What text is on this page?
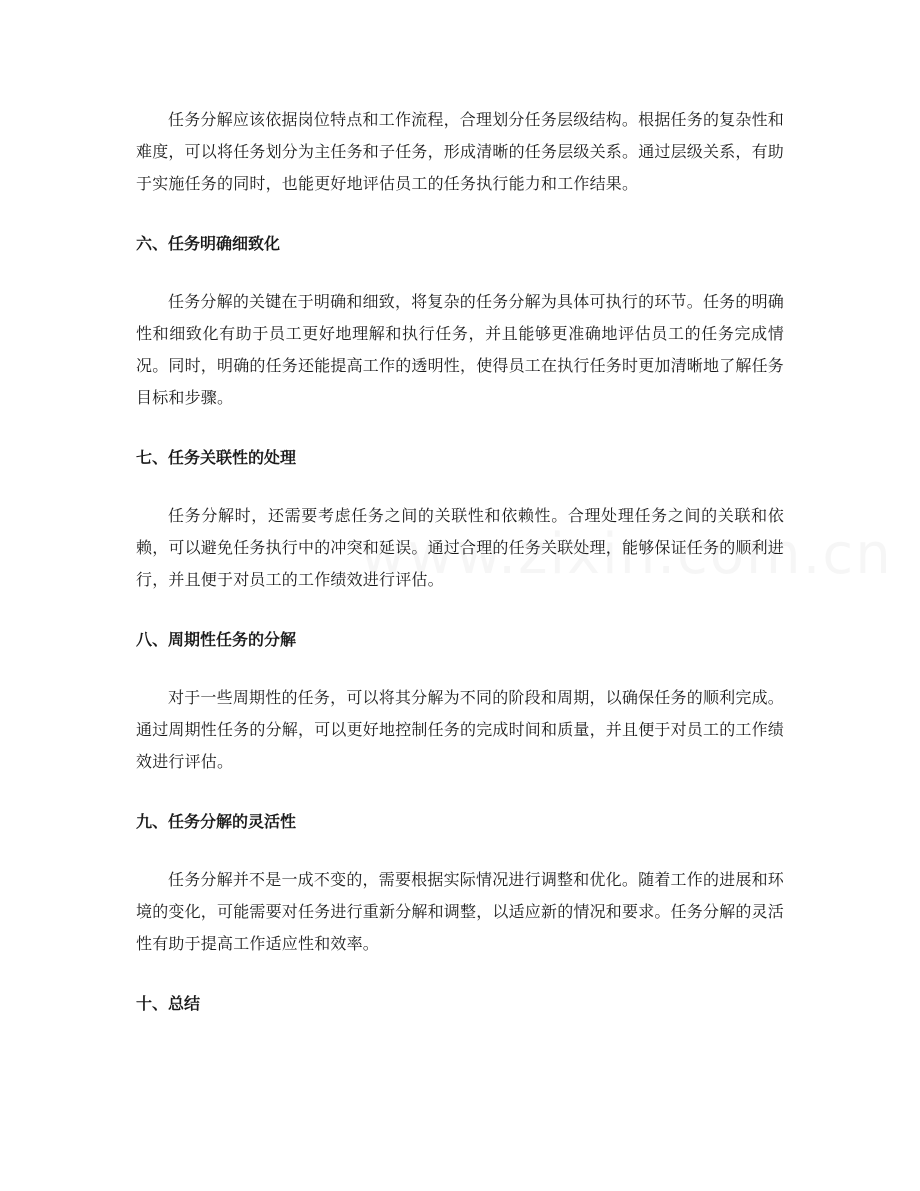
任务分解应该依据岗位特点和工作流程，合理划分任务层级结构。根据任务的复杂性和难度，可以将任务划分为主任务和子任务，形成清晰的任务层级关系。通过层级关系，有助于实施任务的同时，也能更好地评估员工的任务执行能力和工作结果。

六、任务明确细致化

任务分解的关键在于明确和细致，将复杂的任务分解为具体可执行的环节。任务的明确性和细致化有助于员工更好地理解和执行任务，并且能够更准确地评估员工的任务完成情况。同时，明确的任务还能提高工作的透明性，使得员工在执行任务时更加清晰地了解任务目标和步骤。

七、任务关联性的处理

任务分解时，还需要考虑任务之间的关联性和依赖性。合理处理任务之间的关联和依赖，可以避免任务执行中的冲突和延误。通过合理的任务关联处理，能够保证任务的顺利进行，并且便于对员工的工作绩效进行评估。

八、周期性任务的分解

对于一些周期性的任务，可以将其分解为不同的阶段和周期，以确保任务的顺利完成。通过周期性任务的分解，可以更好地控制任务的完成时间和质量，并且便于对员工的工作绩效进行评估。

九、任务分解的灵活性

任务分解并不是一成不变的，需要根据实际情况进行调整和优化。随着工作的进展和环境的变化，可能需要对任务进行重新分解和调整，以适应新的情况和要求。任务分解的灵活性有助于提高工作适应性和效率。

十、总结
